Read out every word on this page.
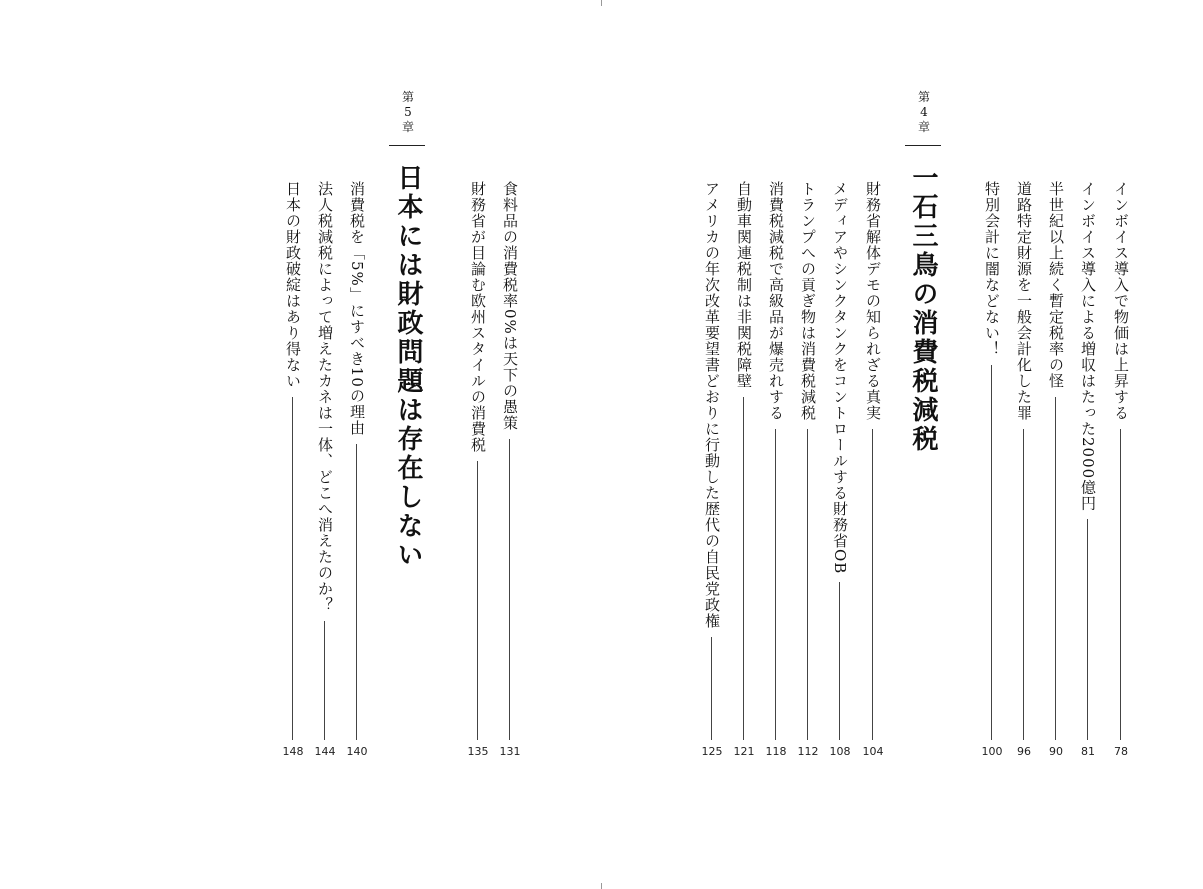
第
4
章
一石三鳥の消費税減税	インボイス導入で物価は上昇する
78
インボイス導入による増収はたった2000億円
81
半世紀以上続く暫定税率の怪
90
道路特定財源を一般会計化した罪
96
特別会計に闇などない！
100
財務省解体デモの知られざる真実
104
メディアやシンクタンクをコントロールする財務省OB
108
トランプへの貢ぎ物は消費税減税
112
消費税減税で高級品が爆売れする
118
自動車関連税制は非関税障壁
121
アメリカの年次改革要望書どおりに行動した歴代の自民党政権
125
食料品の消費税率0%は天下の愚策
131
財務省が目論む欧州スタイルの消費税
135
第
5
章
日本には財政問題は存在しない
消費税を「5%」にすべき10の理由
140
法人税減税によって増えたカネは一体、どこへ消えたのか？
144
日本の財政破綻はあり得ない
148
